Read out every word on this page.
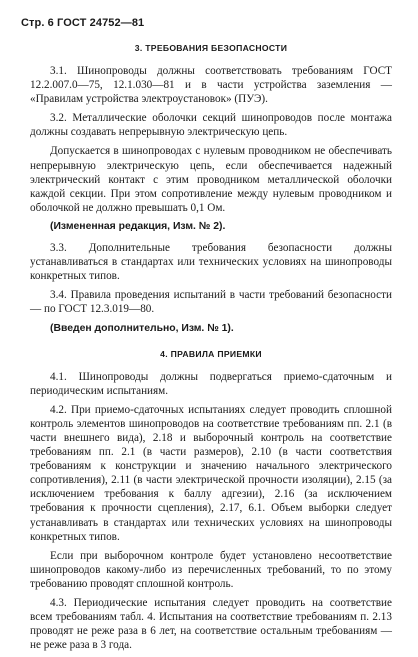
Стр. 6 ГОСТ 24752—81
3. ТРЕБОВАНИЯ БЕЗОПАСНОСТИ

3.1. Шинопроводы должны соответствовать требованиям ГОСТ 12.2.007.0—75, 12.1.030—81 и в части устройства заземления — «Правилам устройства электроустановок» (ПУЭ).

3.2. Металлические оболочки секций шинопроводов после монтажа должны создавать непрерывную электрическую цепь.

Допускается в шинопроводах с нулевым проводником не обеспечивать непрерывную электрическую цепь, если обеспечивается надежный электрический контакт с этим проводником металлической оболочки каждой секции. При этом сопротивление между нулевым проводником и оболочкой не должно превышать 0,1 Ом.

(Измененная редакция, Изм. № 2).

3.3. Дополнительные требования безопасности должны устанавливаться в стандартах или технических условиях на шинопроводы конкретных типов.

3.4. Правила проведения испытаний в части требований безопасности — по ГОСТ 12.3.019—80.

(Введен дополнительно, Изм. № 1).

4. ПРАВИЛА ПРИЕМКИ

4.1. Шинопроводы должны подвергаться приемо-сдаточным и периодическим испытаниям.

4.2. При приемо-сдаточных испытаниях следует проводить сплошной контроль элементов шинопроводов на соответствие требованиям пп. 2.1 (в части внешнего вида), 2.18 и выборочный контроль на соответствие требованиям пп. 2.1 (в части размеров), 2.10 (в части соответствия требованиям к конструкции и значению начального электрического сопротивления), 2.11 (в части электрической прочности изоляции), 2.15 (за исключением требования к баллу адгезии), 2.16 (за исключением требования к прочности сцепления), 2.17, 6.1. Объем выборки следует устанавливать в стандартах или технических условиях на шинопроводы конкретных типов.

Если при выборочном контроле будет установлено несоответствие шинопроводов какому-либо из перечисленных требований, то по этому требованию проводят сплошной контроль.

4.3. Периодические испытания следует проводить на соответствие всем требованиям табл. 4. Испытания на соответствие требованиям п. 2.13 проводят не реже раза в 6 лет, на соответствие остальным требованиям — не реже раза в 3 года.
